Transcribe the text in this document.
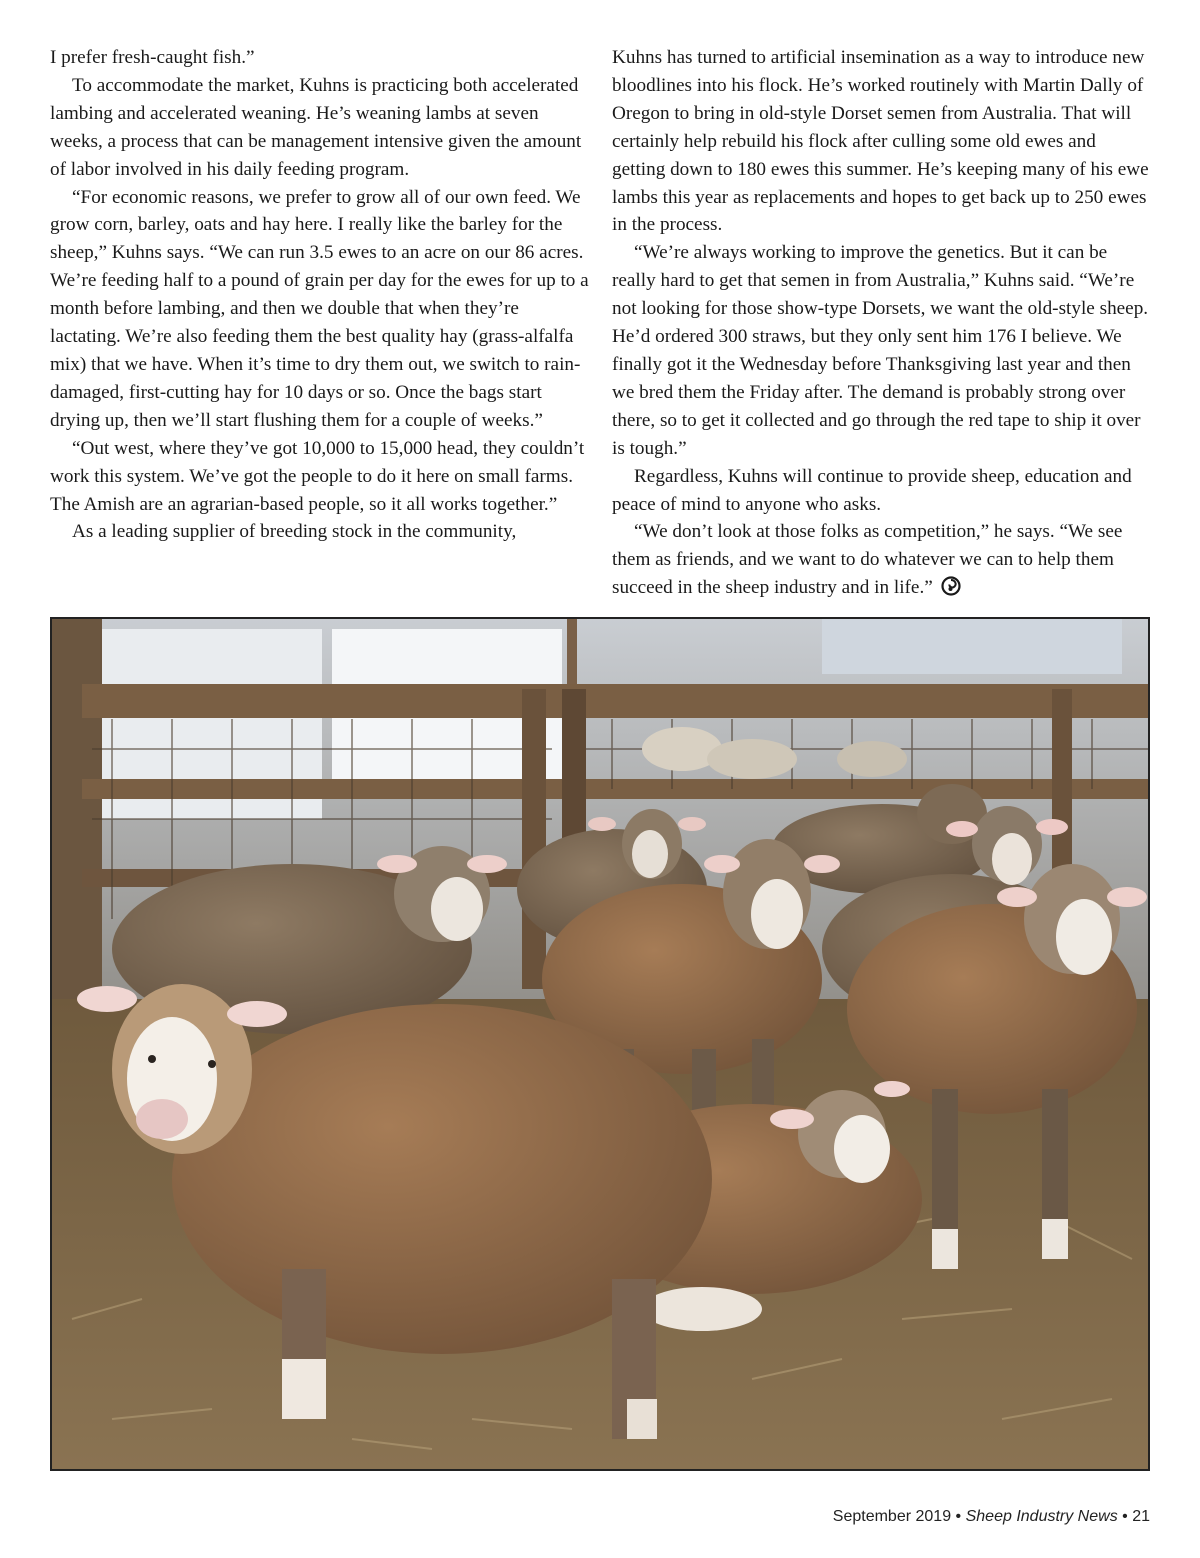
I prefer fresh-caught fish.”

To accommodate the market, Kuhns is practicing both accelerated lambing and accelerated weaning. He’s weaning lambs at seven weeks, a process that can be management intensive given the amount of labor involved in his daily feeding program.

“For economic reasons, we prefer to grow all of our own feed. We grow corn, barley, oats and hay here. I really like the barley for the sheep,” Kuhns says. “We can run 3.5 ewes to an acre on our 86 acres. We’re feeding half to a pound of grain per day for the ewes for up to a month before lambing, and then we double that when they’re lactating. We’re also feeding them the best quality hay (grass-alfalfa mix) that we have. When it’s time to dry them out, we switch to rain-damaged, first-cutting hay for 10 days or so. Once the bags start drying up, then we’ll start flushing them for a couple of weeks.”

“Out west, where they’ve got 10,000 to 15,000 head, they couldn’t work this system. We’ve got the people to do it here on small farms. The Amish are an agrarian-based people, so it all works together.”

As a leading supplier of breeding stock in the community,

Kuhns has turned to artificial insemination as a way to introduce new bloodlines into his flock. He’s worked routinely with Martin Dally of Oregon to bring in old-style Dorset semen from Australia. That will certainly help rebuild his flock after culling some old ewes and getting down to 180 ewes this summer. He’s keeping many of his ewe lambs this year as replacements and hopes to get back up to 250 ewes in the process.

“We’re always working to improve the genetics. But it can be really hard to get that semen in from Australia,” Kuhns said. “We’re not looking for those show-type Dorsets, we want the old-style sheep. He’d ordered 300 straws, but they only sent him 176 I believe. We finally got it the Wednesday before Thanksgiving last year and then we bred them the Friday after. The demand is probably strong over there, so to get it collected and go through the red tape to ship it over is tough.”

Regardless, Kuhns will continue to provide sheep, education and peace of mind to anyone who asks.

“We don’t look at those folks as competition,” he says. “We see them as friends, and we want to do whatever we can to help them succeed in the sheep industry and in life.”

September 2019 • Sheep Industry News • 21
